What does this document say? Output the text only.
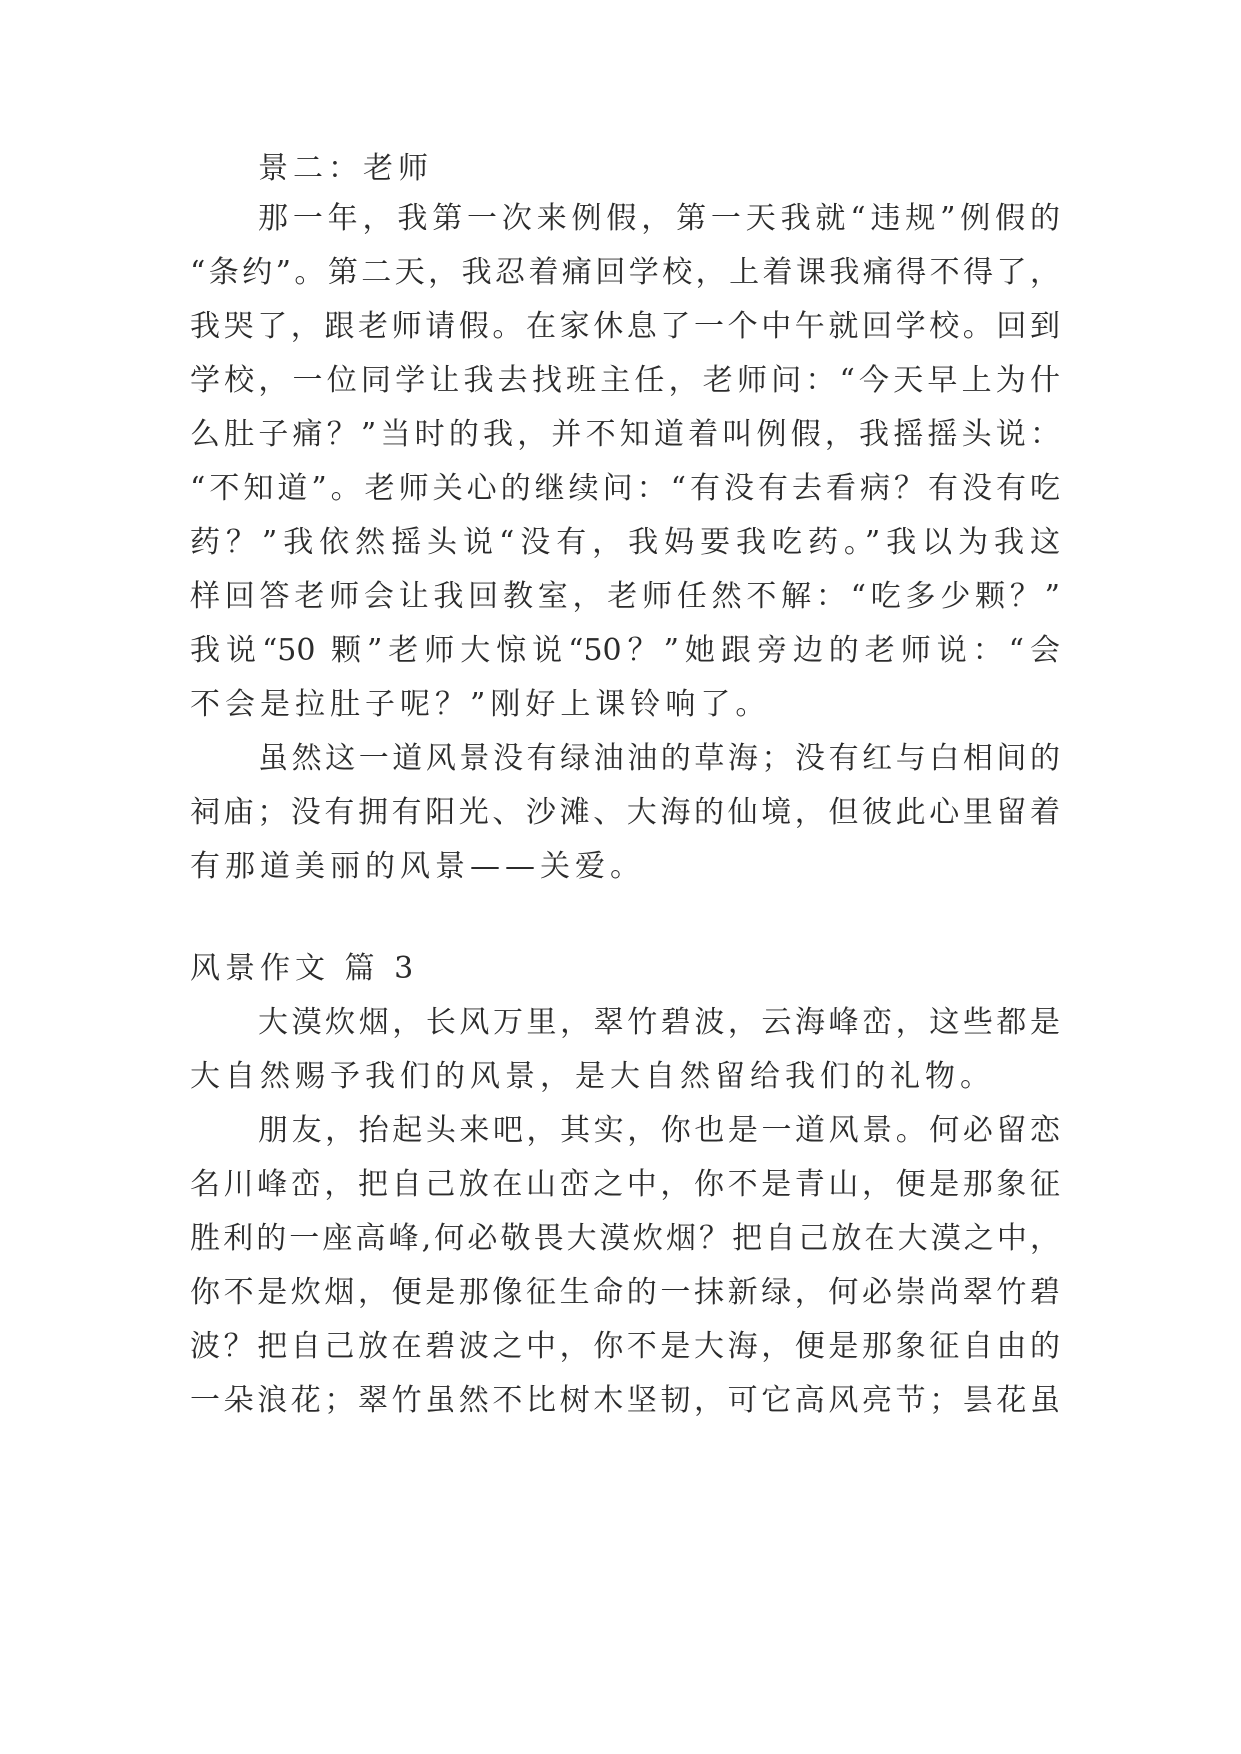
景二：老师
那一年，我第一次来例假，第一天我就“违规”例假的
“条约”。第二天，我忍着痛回学校，上着课我痛得不得了，
我哭了，跟老师请假。在家休息了一个中午就回学校。回到
学校，一位同学让我去找班主任，老师问：“今天早上为什
么肚子痛？”当时的我，并不知道着叫例假，我摇摇头说：
“不知道”。老师关心的继续问：“有没有去看病？有没有吃
药？”我依然摇头说“没有，我妈要我吃药。”我以为我这
样回答老师会让我回教室，老师任然不解：“吃多少颗？”
我说“50 颗”老师大惊说“50？”她跟旁边的老师说：“会
不会是拉肚子呢？”刚好上课铃响了。
虽然这一道风景没有绿油油的草海；没有红与白相间的
祠庙；没有拥有阳光、沙滩、大海的仙境，但彼此心里留着
有那道美丽的风景——关爱。
风景作文 篇 3
大漠炊烟，长风万里，翠竹碧波，云海峰峦，这些都是
大自然赐予我们的风景，是大自然留给我们的礼物。
朋友，抬起头来吧，其实，你也是一道风景。何必留恋
名川峰峦，把自己放在山峦之中，你不是青山，便是那象征
胜利的一座高峰,何必敬畏大漠炊烟？把自己放在大漠之中，
你不是炊烟，便是那像征生命的一抹新绿，何必崇尚翠竹碧
波？把自己放在碧波之中，你不是大海，便是那象征自由的
一朵浪花；翠竹虽然不比树木坚韧，可它高风亮节；昙花虽
